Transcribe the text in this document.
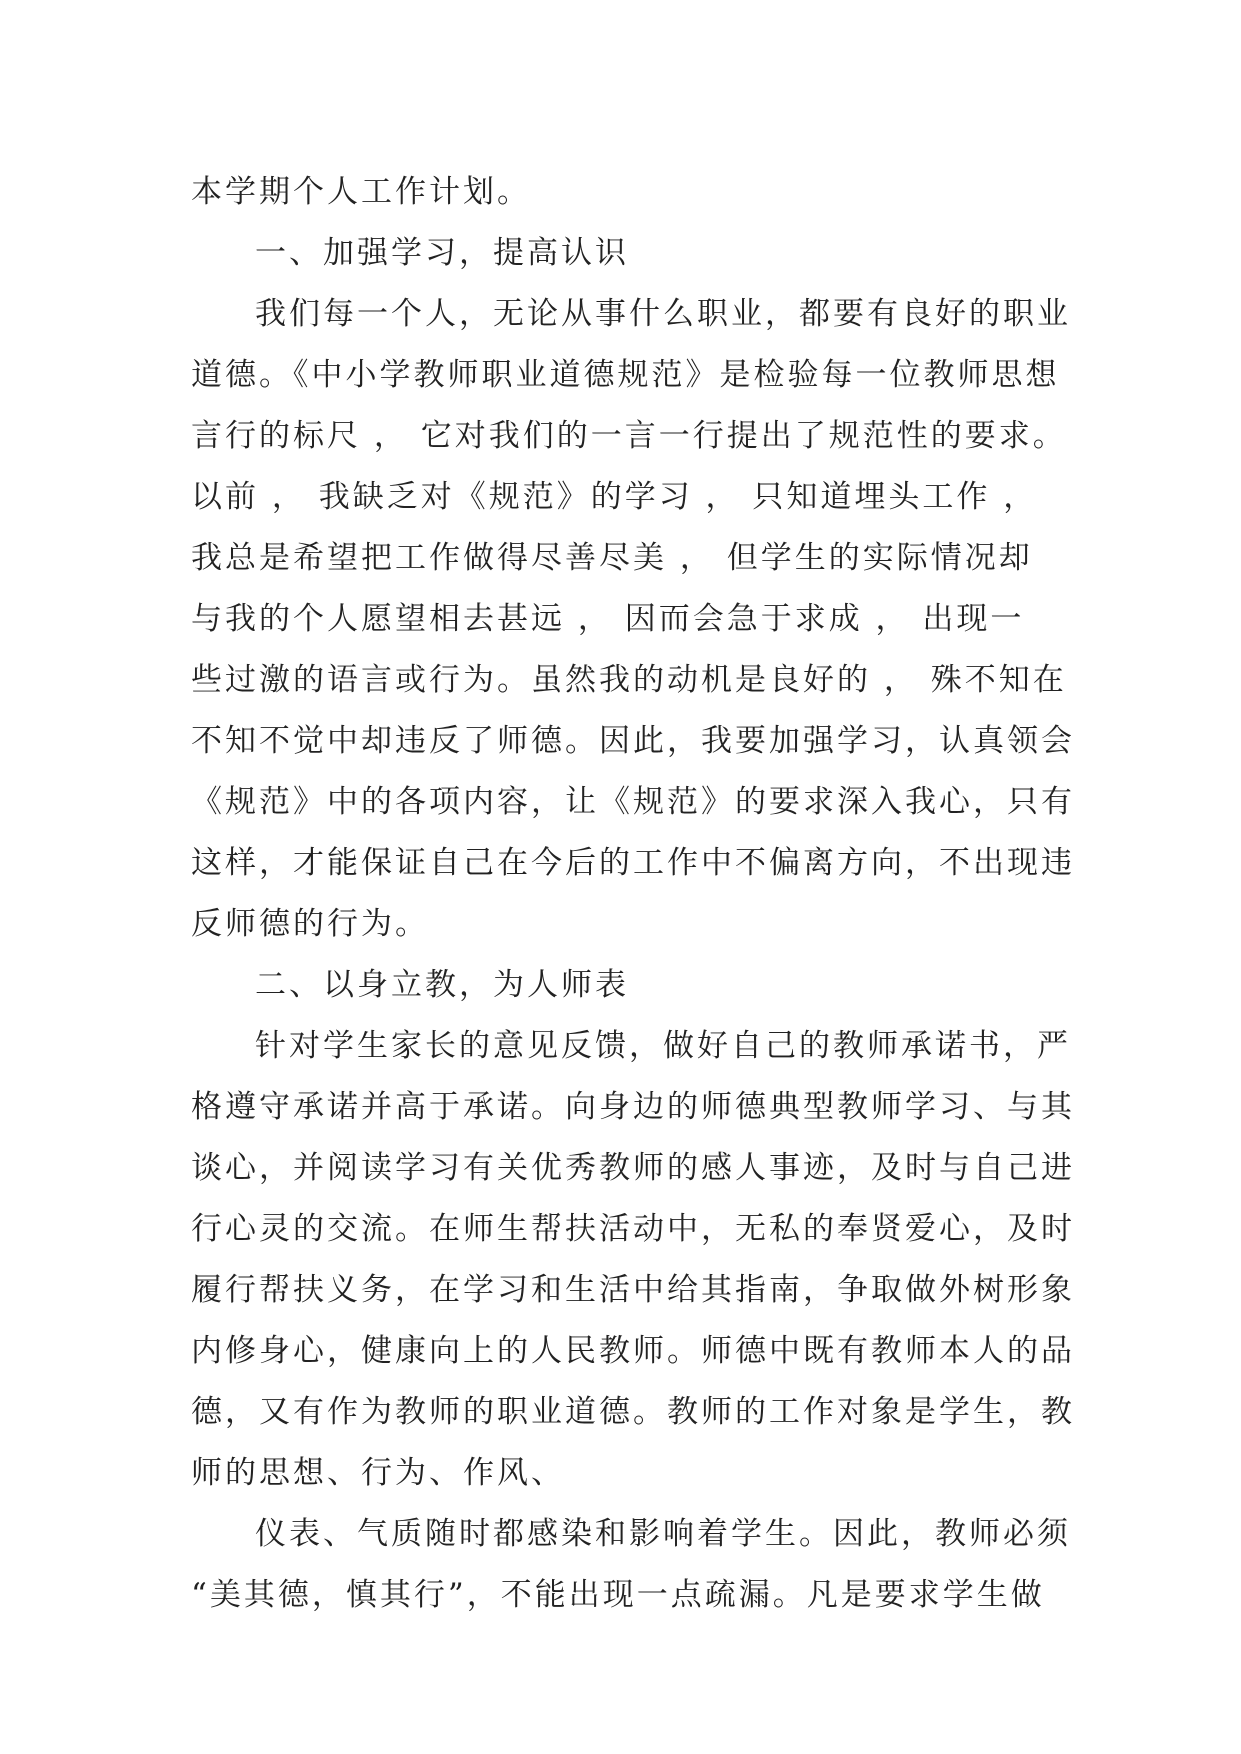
本学期个人工作计划。
一、加强学习，提高认识
我们每一个人，无论从事什么职业，都要有良好的职业
道德。《中小学教师职业道德规范》是检验每一位教师思想
言行的标尺 ， 它对我们的一言一行提出了规范性的要求。
以前 ， 我缺乏对《规范》的学习 ， 只知道埋头工作 ，
我总是希望把工作做得尽善尽美 ， 但学生的实际情况却
与我的个人愿望相去甚远 ， 因而会急于求成 ， 出现一
些过激的语言或行为。虽然我的动机是良好的 ， 殊不知在
不知不觉中却违反了师德。因此，我要加强学习，认真领会
《规范》中的各项内容，让《规范》的要求深入我心，只有
这样，才能保证自己在今后的工作中不偏离方向，不出现违
反师德的行为。
二、以身立教，为人师表
针对学生家长的意见反馈，做好自己的教师承诺书，严
格遵守承诺并高于承诺。向身边的师德典型教师学习、与其
谈心，并阅读学习有关优秀教师的感人事迹，及时与自己进
行心灵的交流。在师生帮扶活动中，无私的奉贤爱心，及时
履行帮扶义务，在学习和生活中给其指南，争取做外树形象
内修身心，健康向上的人民教师。师德中既有教师本人的品
德，又有作为教师的职业道德。教师的工作对象是学生，教
师的思想、行为、作风、
仪表、气质随时都感染和影响着学生。因此，教师必须
“美其德，慎其行”，不能出现一点疏漏。凡是要求学生做
